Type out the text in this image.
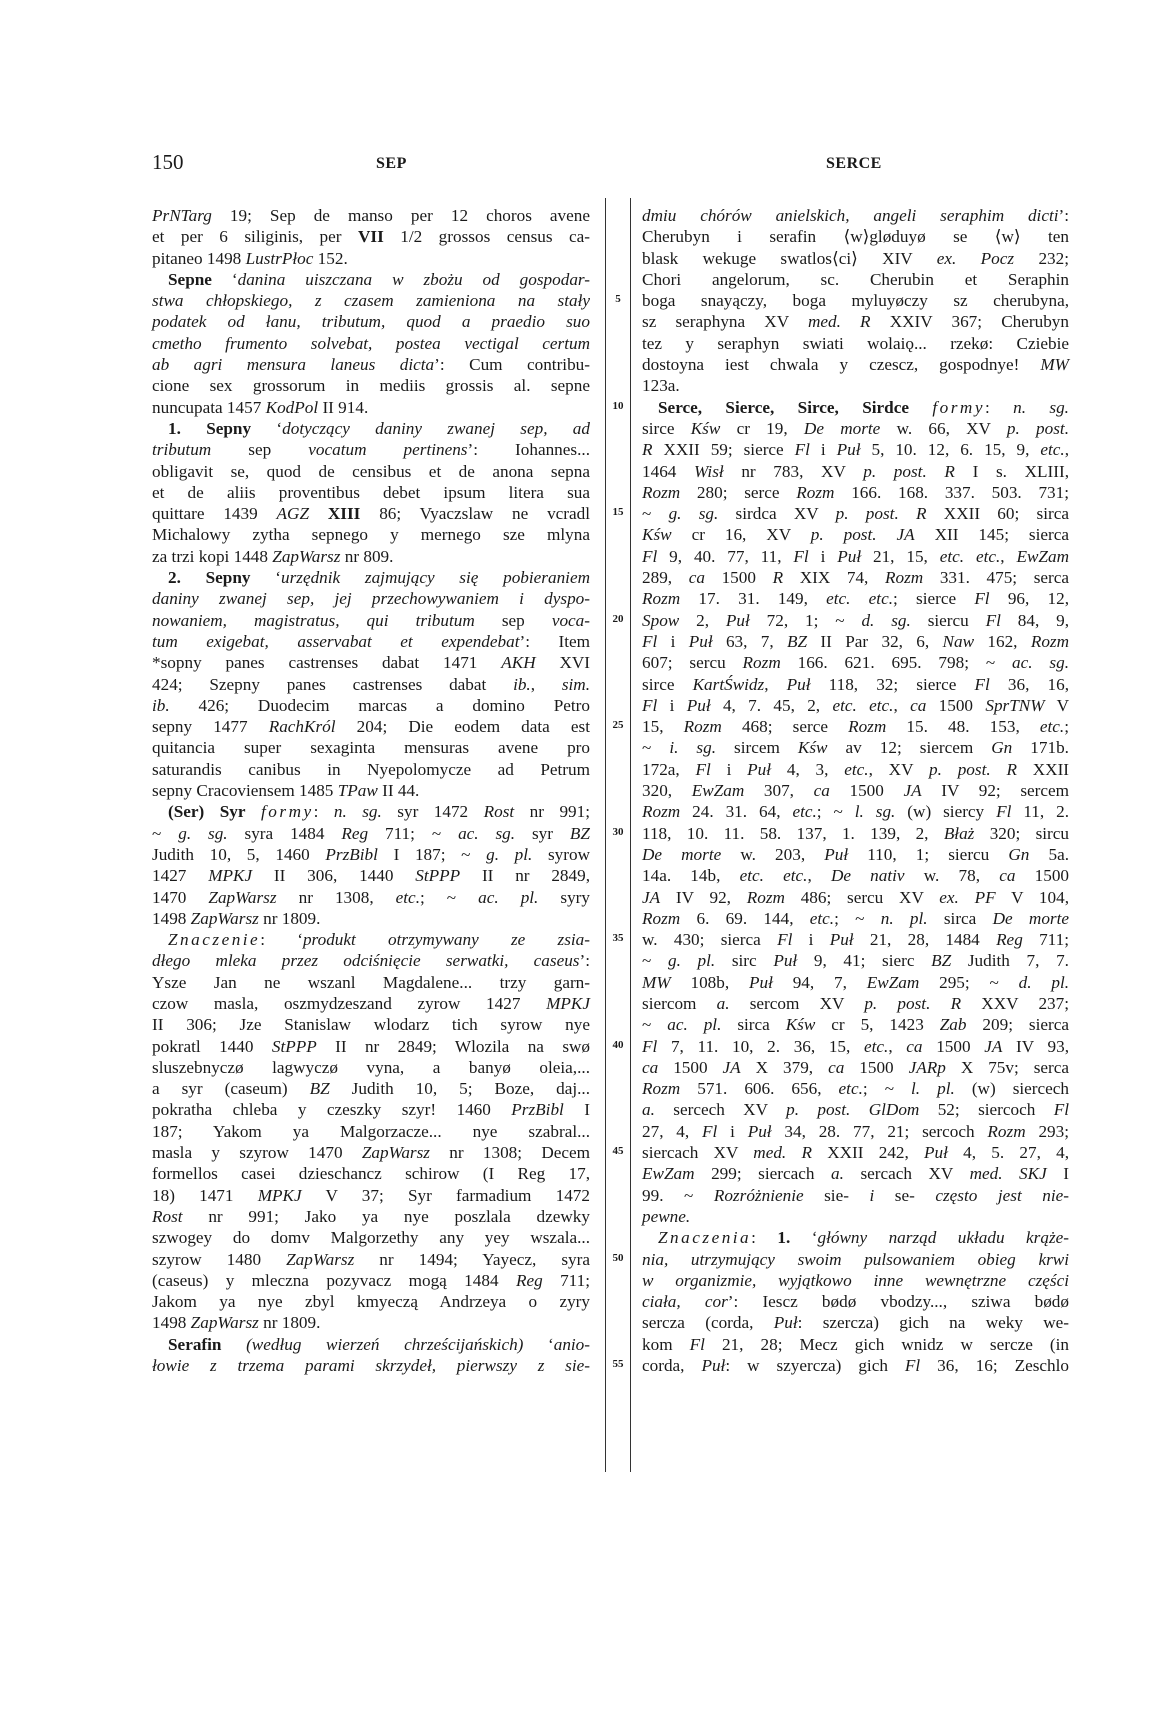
150	SEP	SERCE
PrNTarg 19; Sep de manso per 12 choros avene
et per 6 siliginis, per VII 1/2 grossos census ca-
pitaneo 1498 LustrPłoc 152.
Sepne ‘danina uiszczana w zbożu od gospodar-
stwa chłopskiego, z czasem zamieniona na stały
podatek od łanu, tributum, quod a praedio suo
cmetho frumento solvebat, postea vectigal certum
ab agri mensura laneus dicta’: Cum contribu-
cione sex grossorum in mediis grossis al. sepne
nuncupata 1457 KodPol II 914.
1. Sepny ‘dotyczący daniny zwanej sep, ad
tributum sep vocatum pertinens’: Iohannes...
obligavit se, quod de censibus et de anona sepna
et de aliis proventibus debet ipsum litera sua
quittare 1439 AGZ XIII 86; Vyaczslaw ne vcradl
Michalowy zytha sepnego y mernego sze mlyna
za trzi kopi 1448 ZapWarsz nr 809.
2. Sepny ‘urzędnik zajmujący się pobieraniem
daniny zwanej sep, jej przechowywaniem i dyspo-
nowaniem, magistratus, qui tributum sep voca-
tum exigebat, asservabat et expendebat’: Item
*sopny panes castrenses dabat 1471 AKH XVI
424; Szepny panes castrenses dabat ib., sim.
ib. 426; Duodecim marcas a domino Petro
sepny 1477 RachKról 204; Die eodem data est
quitancia super sexaginta mensuras avene pro
saturandis canibus in Nyepolomycze ad Petrum
sepny Cracoviensem 1485 TPaw II 44.
(Ser) Syr formy: n. sg. syr 1472 Rost nr 991;
~ g. sg. syra 1484 Reg 711; ~ ac. sg. syr BZ
Judith 10, 5, 1460 PrzBibl I 187; ~ g. pl. syrow
1427 MPKJ II 306, 1440 StPPP II nr 2849,
1470 ZapWarsz nr 1308, etc.; ~ ac. pl. syry
1498 ZapWarsz nr 1809.
Znaczenie: ‘produkt otrzymywany ze zsia-
dłego mleka przez odciśnięcie serwatki, caseus’:
Ysze Jan ne wszanl Magdalene... trzy garn-
czow masla, oszmydzeszand zyrow 1427 MPKJ
II 306; Jze Stanislaw wlodarz tich syrow nye
pokratl 1440 StPPP II nr 2849; Wlozila na swø
sluszebnyczø lagwyczø vyna, a banyø oleia,...
a syr (caseum) BZ Judith 10, 5; Boze, daj...
pokratha chleba y czeszky szyr! 1460 PrzBibl I
187; Yakom ya Malgorzacze... nye szabral...
masla y szyrow 1470 ZapWarsz nr 1308; Decem
formellos casei dzieschancz schirow (I Reg 17,
18) 1471 MPKJ V 37; Syr farmadium 1472
Rost nr 991; Jako ya nye poszlala dzewky
szwogey do domv Malgorzethy any yey wszala...
szyrow 1480 ZapWarsz nr 1494; Yayecz, syra
(caseus) y mleczna pozyvacz mogą 1484 Reg 711;
Jakom ya nye zbyl kmyeczą Andrzeya o zyry
1498 ZapWarsz nr 1809.
Serafin (według wierzeń chrześcijańskich) ‘anio-
łowie z trzema parami skrzydeł, pierwszy z sie-
5
10
15
20
25
30
35
40
45
50
55
dmiu chórów anielskich, angeli seraphim dicti’:
Cherubyn i serafin ⟨w⟩gløduyø se ⟨w⟩ ten
blask wekuge swatlos⟨ci⟩ XIV ex. Pocz 232;
Chori angelorum, sc. Cherubin et Seraphin
boga snayączy, boga myluyøczy sz cherubyna,
sz seraphyna XV med. R XXIV 367; Cherubyn
tez y seraphyn swiati wolaiǫ... rzekø: Cziebie
dostoyna iest chwala y czescz, gospodnye! MW
123a.
Serce, Sierce, Sirce, Sirdce formy: n. sg.
sirce Kśw cr 19, De morte w. 66, XV p. post.
R XXII 59; sierce Fl i Puł 5, 10. 12, 6. 15, 9, etc.,
1464 Wisł nr 783, XV p. post. R I s. XLIII,
Rozm 280; serce Rozm 166. 168. 337. 503. 731;
~ g. sg. sirdca XV p. post. R XXII 60; sirca
Kśw cr 16, XV p. post. JA XII 145; sierca
Fl 9, 40. 77, 11, Fl i Puł 21, 15, etc. etc., EwZam
289, ca 1500 R XIX 74, Rozm 331. 475; serca
Rozm 17. 31. 149, etc. etc.; sierce Fl 96, 12,
Spow 2, Puł 72, 1; ~ d. sg. siercu Fl 84, 9,
Fl i Puł 63, 7, BZ II Par 32, 6, Naw 162, Rozm
607; sercu Rozm 166. 621. 695. 798; ~ ac. sg.
sirce KartŚwidz, Puł 118, 32; sierce Fl 36, 16,
Fl i Puł 4, 7. 45, 2, etc. etc., ca 1500 SprTNW V
15, Rozm 468; serce Rozm 15. 48. 153, etc.;
~ i. sg. sircem Kśw av 12; siercem Gn 171b.
172a, Fl i Puł 4, 3, etc., XV p. post. R XXII
320, EwZam 307, ca 1500 JA IV 92; sercem
Rozm 24. 31. 64, etc.; ~ l. sg. (w) siercy Fl 11, 2.
118, 10. 11. 58. 137, 1. 139, 2, Błaż 320; sircu
De morte w. 203, Puł 110, 1; siercu Gn 5a.
14a. 14b, etc. etc., De nativ w. 78, ca 1500
JA IV 92, Rozm 486; sercu XV ex. PF V 104,
Rozm 6. 69. 144, etc.; ~ n. pl. sirca De morte
w. 430; sierca Fl i Puł 21, 28, 1484 Reg 711;
~ g. pl. sirc Puł 9, 41; sierc BZ Judith 7, 7.
MW 108b, Puł 94, 7, EwZam 295; ~ d. pl.
siercom a. sercom XV p. post. R XXV 237;
~ ac. pl. sirca Kśw cr 5, 1423 Zab 209; sierca
Fl 7, 11. 10, 2. 36, 15, etc., ca 1500 JA IV 93,
ca 1500 JA X 379, ca 1500 JARp X 75v; serca
Rozm 571. 606. 656, etc.; ~ l. pl. (w) siercech
a. sercech XV p. post. GlDom 52; siercoch Fl
27, 4, Fl i Puł 34, 28. 77, 21; sercoch Rozm 293;
siercach XV med. R XXII 242, Puł 4, 5. 27, 4,
EwZam 299; siercach a. sercach XV med. SKJ I
99. ~ Rozróżnienie sie- i se- często jest nie-
pewne.
Znaczenia: 1. ‘główny narząd układu krąże-
nia, utrzymujący swoim pulsowaniem obieg krwi
w organizmie, wyjątkowo inne wewnętrzne części
ciała, cor’: Iescz bødø vbodzy..., sziwa bødø
sercza (corda, Puł: szercza) gich na weky we-
kom Fl 21, 28; Mecz gich wnidz w sercze (in
corda, Puł: w szyercza) gich Fl 36, 16; Zeschlo
